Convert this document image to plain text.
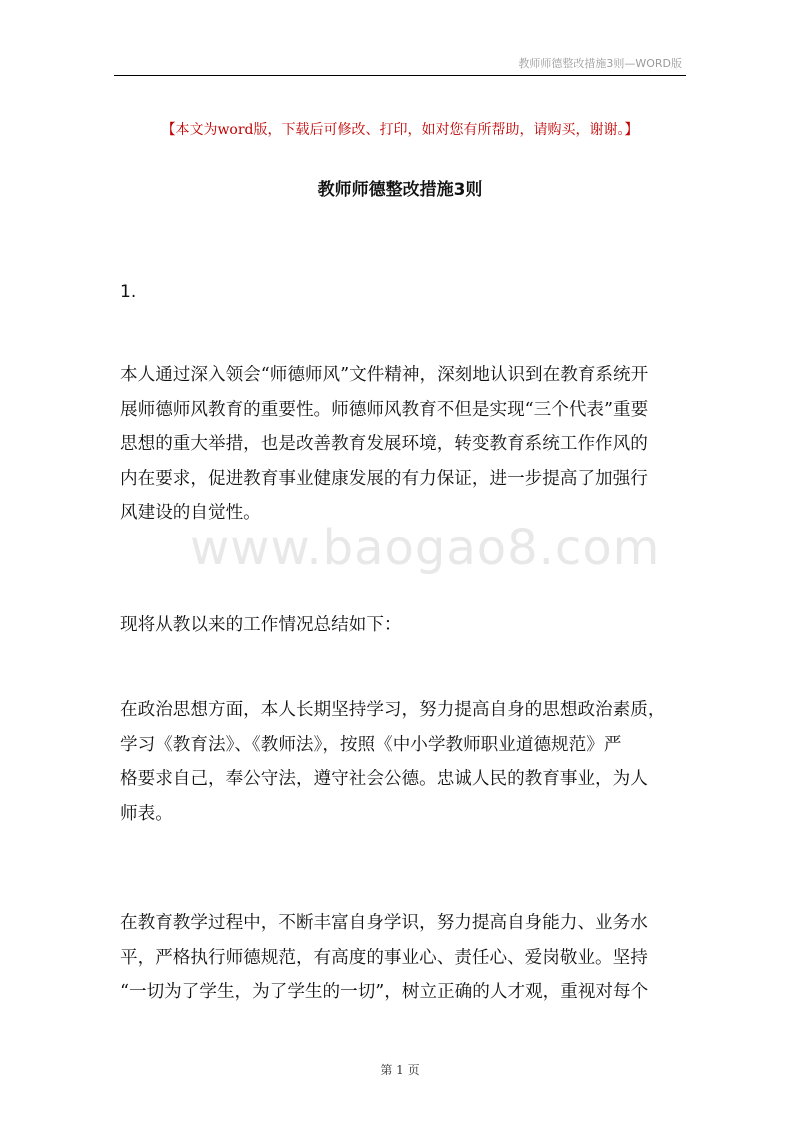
教师师德整改措施3则—WORD版
【本文为word版，下载后可修改、打印，如对您有所帮助，请购买，谢谢。】
教师师德整改措施3则
1.
本人通过深入领会“师德师风”文件精神，深刻地认识到在教育系统开
展师德师风教育的重要性。师德师风教育不但是实现“三个代表”重要
思想的重大举措，也是改善教育发展环境，转变教育系统工作作风的
内在要求，促进教育事业健康发展的有力保证，进一步提高了加强行
风建设的自觉性。
现将从教以来的工作情况总结如下：
在政治思想方面，本人长期坚持学习，努力提高自身的思想政治素质，
学习《教育法》、《教师法》，按照《中小学教师职业道德规范》严
格要求自己，奉公守法，遵守社会公德。忠诚人民的教育事业，为人
师表。
在教育教学过程中，不断丰富自身学识，努力提高自身能力、业务水
平，严格执行师德规范，有高度的事业心、责任心、爱岗敬业。坚持
“一切为了学生，为了学生的一切”，树立正确的人才观，重视对每个
www.baogao8.com
第 1 页
